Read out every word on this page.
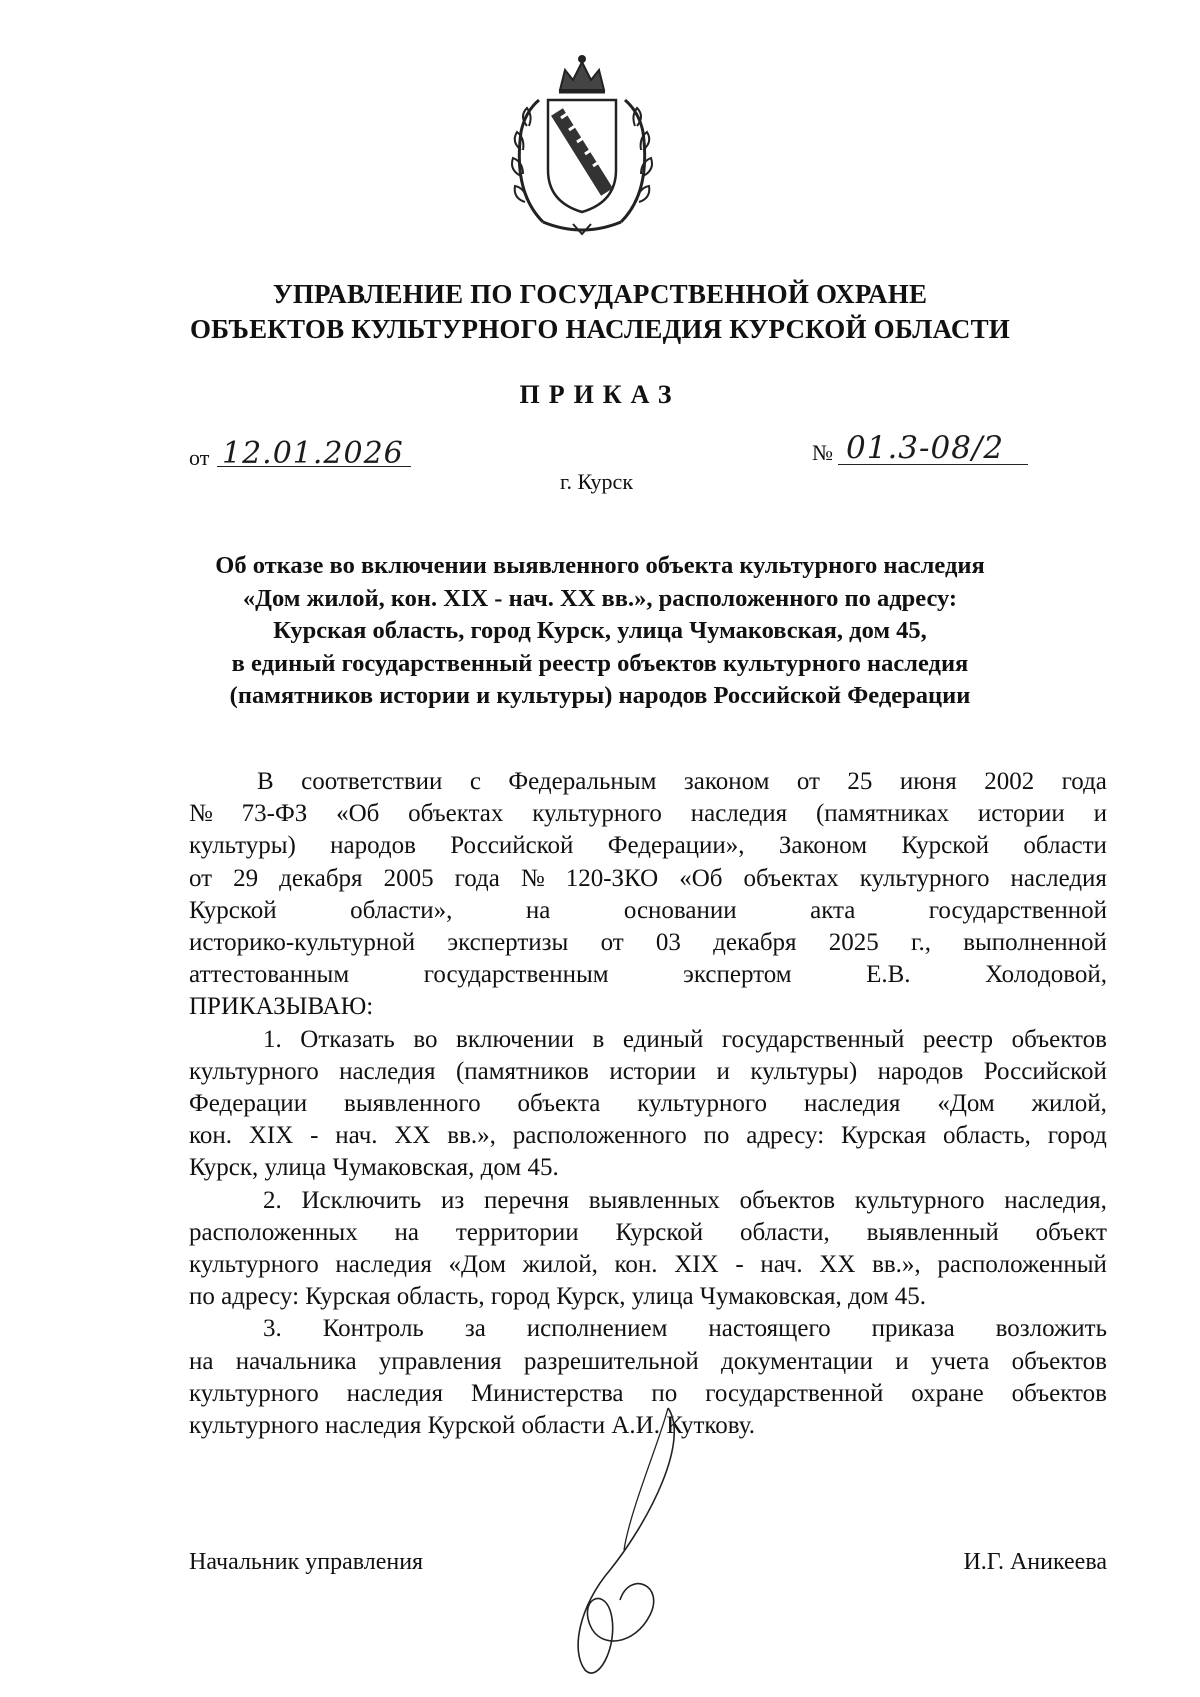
УПРАВЛЕНИЕ ПО ГОСУДАРСТВЕННОЙ ОХРАНЕ
ОБЪЕКТОВ КУЛЬТУРНОГО НАСЛЕДИЯ КУРСКОЙ ОБЛАСТИ
ПРИКАЗ
от 12.01.2026	№ 01.3-08/2
г. Курск
Об отказе во включении выявленного объекта культурного наследия
«Дом жилой, кон. XIX - нач. XX вв.», расположенного по адресу:
Курская область, город Курск, улица Чумаковская, дом 45,
в единый государственный реестр объектов культурного наследия
(памятников истории и культуры) народов Российской Федерации
В соответствии с Федеральным законом от 25 июня 2002 года
№ 73-ФЗ «Об объектах культурного наследия (памятниках истории и
культуры) народов Российской Федерации», Законом Курской области
от 29 декабря 2005 года № 120-ЗКО «Об объектах культурного наследия
Курской	области»,	на	основании	акта	государственной
историко-культурной экспертизы от 03 декабря 2025 г., выполненной
аттестованным	государственным	экспертом	Е.В.	Холодовой,
ПРИКАЗЫВАЮ:
1. Отказать во включении в единый государственный реестр объектов
культурного наследия (памятников истории и культуры) народов Российской
Федерации выявленного объекта культурного наследия «Дом жилой,
кон. XIX - нач. XX вв.», расположенного по адресу: Курская область, город
Курск, улица Чумаковская, дом 45.
2. Исключить из перечня выявленных объектов культурного наследия,
расположенных на территории Курской области, выявленный объект
культурного наследия «Дом жилой, кон. XIX - нач. XX вв.», расположенный
по адресу: Курская область, город Курск, улица Чумаковская, дом 45.
3. Контроль за исполнением настоящего приказа возложить
на начальника управления разрешительной документации и учета объектов
культурного наследия Министерства по государственной охране объектов
культурного наследия Курской области А.И. Куткову.
Начальник управления	И.Г. Аникеева
